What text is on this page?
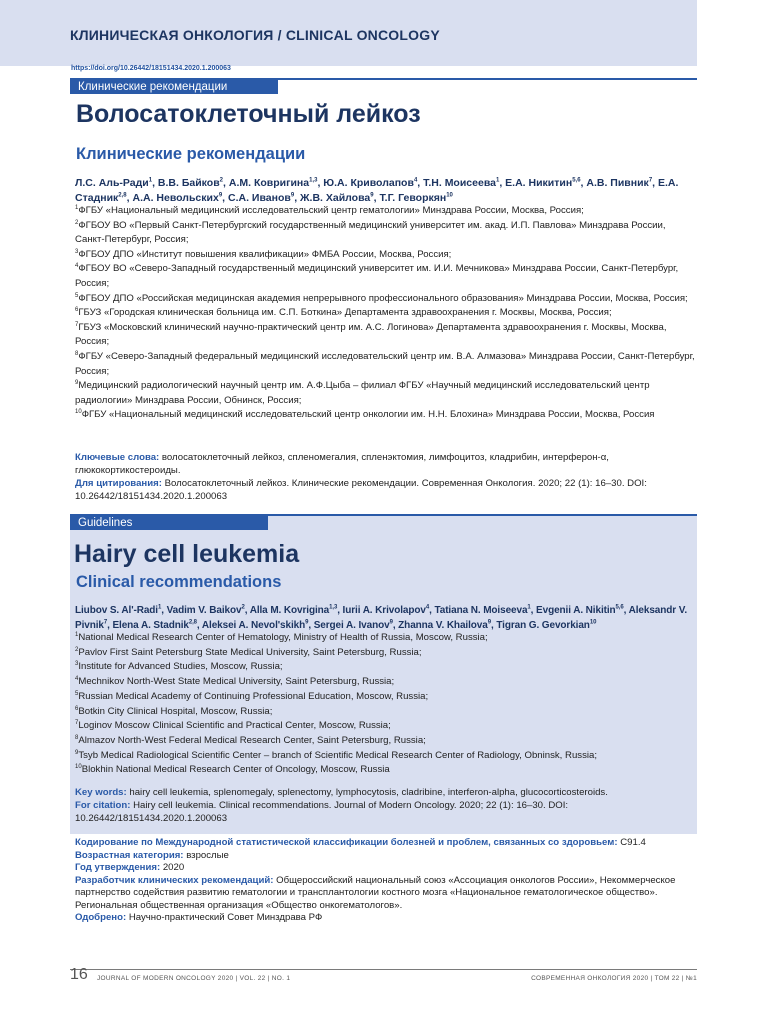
КЛИНИЧЕСКАЯ ОНКОЛОГИЯ / CLINICAL ONCOLOGY
https://doi.org/10.26442/18151434.2020.1.200063
Клинические рекомендации
Волосатоклеточный лейкоз
Клинические рекомендации
Л.С. Аль-Ради$^1$, В.В. Байков$^2$, А.М. Ковригина$^{1,3}$, Ю.А. Криволапов$^4$, Т.Н. Моисеева$^1$, Е.А. Никитин$^{5,6}$, А.В. Пивник$^7$, Е.А. Стадник$^{2,8}$, А.А. Невольских$^9$, С.А. Иванов$^9$, Ж.В. Хайлова$^9$, Т.Г. Геворкян$^{10}$
$^1$ФГБУ «Национальный медицинский исследовательский центр гематологии» Минздрава России, Москва, Россия;
$^2$ФГБОУ ВО «Первый Санкт-Петербургский государственный медицинский университет им. акад. И.П. Павлова» Минздрава России, Санкт-Петербург, Россия;
$^3$ФГБОУ ДПО «Институт повышения квалификации» ФМБА России, Москва, Россия;
$^4$ФГБОУ ВО «Северо-Западный государственный медицинский университет им. И.И. Мечникова» Минздрава России, Санкт-Петербург, Россия;
$^5$ФГБОУ ДПО «Российская медицинская академия непрерывного профессионального образования» Минздрава России, Москва, Россия;
$^6$ГБУЗ «Городская клиническая больница им. С.П. Боткина» Департамента здравоохранения г. Москвы, Москва, Россия;
$^7$ГБУЗ «Московский клинический научно-практический центр им. А.С. Логинова» Департамента здравоохранения г. Москвы, Москва, Россия;
$^8$ФГБУ «Северо-Западный федеральный медицинский исследовательский центр им. В.А. Алмазова» Минздрава России, Санкт-Петербург, Россия;
$^9$Медицинский радиологический научный центр им. А.Ф.Цыба – филиал ФГБУ «Научный медицинский исследовательский центр радиологии» Минздрава России, Обнинск, Россия;
$^{10}$ФГБУ «Национальный медицинский исследовательский центр онкологии им. Н.Н. Блохина» Минздрава России, Москва, Россия
Ключевые слова: волосатоклеточный лейкоз, спленомегалия, спленэктомия, лимфоцитоз, кладрибин, интерферон-α, глюкокортикостероиды.
Для цитирования: Волосатоклеточный лейкоз. Клинические рекомендации. Современная Онкология. 2020; 22 (1): 16–30. DOI: 10.26442/18151434.2020.1.200063
Guidelines
Hairy cell leukemia
Clinical recommendations
Liubov S. Al'-Radi$^1$, Vadim V. Baikov$^2$, Alla M. Kovrigina$^{1,3}$, Iurii A. Krivolapov$^4$, Tatiana N. Moiseeva$^1$, Evgenii A. Nikitin$^{5,6}$, Aleksandr V. Pivnik$^7$, Elena A. Stadnik$^{2,8}$, Aleksei A. Nevol'skikh$^9$, Sergei A. Ivanov$^9$, Zhanna V. Khailova$^9$, Tigran G. Gevorkian$^{10}$
$^1$National Medical Research Center of Hematology, Ministry of Health of Russia, Moscow, Russia;
$^2$Pavlov First Saint Petersburg State Medical University, Saint Petersburg, Russia;
$^3$Institute for Advanced Studies, Moscow, Russia;
$^4$Mechnikov North-West State Medical University, Saint Petersburg, Russia;
$^5$Russian Medical Academy of Continuing Professional Education, Moscow, Russia;
$^6$Botkin City Clinical Hospital, Moscow, Russia;
$^7$Loginov Moscow Clinical Scientific and Practical Center, Moscow, Russia;
$^8$Almazov North-West Federal Medical Research Center, Saint Petersburg, Russia;
$^9$Tsyb Medical Radiological Scientific Center – branch of Scientific Medical Research Center of Radiology, Obninsk, Russia;
$^{10}$Blokhin National Medical Research Center of Oncology, Moscow, Russia
Key words: hairy cell leukemia, splenomegaly, splenectomy, lymphocytosis, cladribine, interferon-alpha, glucocorticosteroids.
For citation: Hairy cell leukemia. Clinical recommendations. Journal of Modern Oncology. 2020; 22 (1): 16–30. DOI: 10.26442/18151434.2020.1.200063
Кодирование по Международной статистической классификации болезней и проблем, связанных со здоровьем: C91.4
Возрастная категория: взрослые
Год утверждения: 2020
Разработчик клинических рекомендаций: Общероссийский национальный союз «Ассоциация онкологов России», Некоммерческое партнерство содействия развитию гематологии и трансплантологии костного мозга «Национальное гематологическое общество». Региональная общественная организация «Общество онкогематологов».
Одобрено: Научно-практический Совет Минздрава РФ
16 JOURNAL OF MODERN ONCOLOGY 2020 | VOL. 22 | NO. 1	СОВРЕМЕННАЯ ОНКОЛОГИЯ 2020 | ТОМ 22 | №1
